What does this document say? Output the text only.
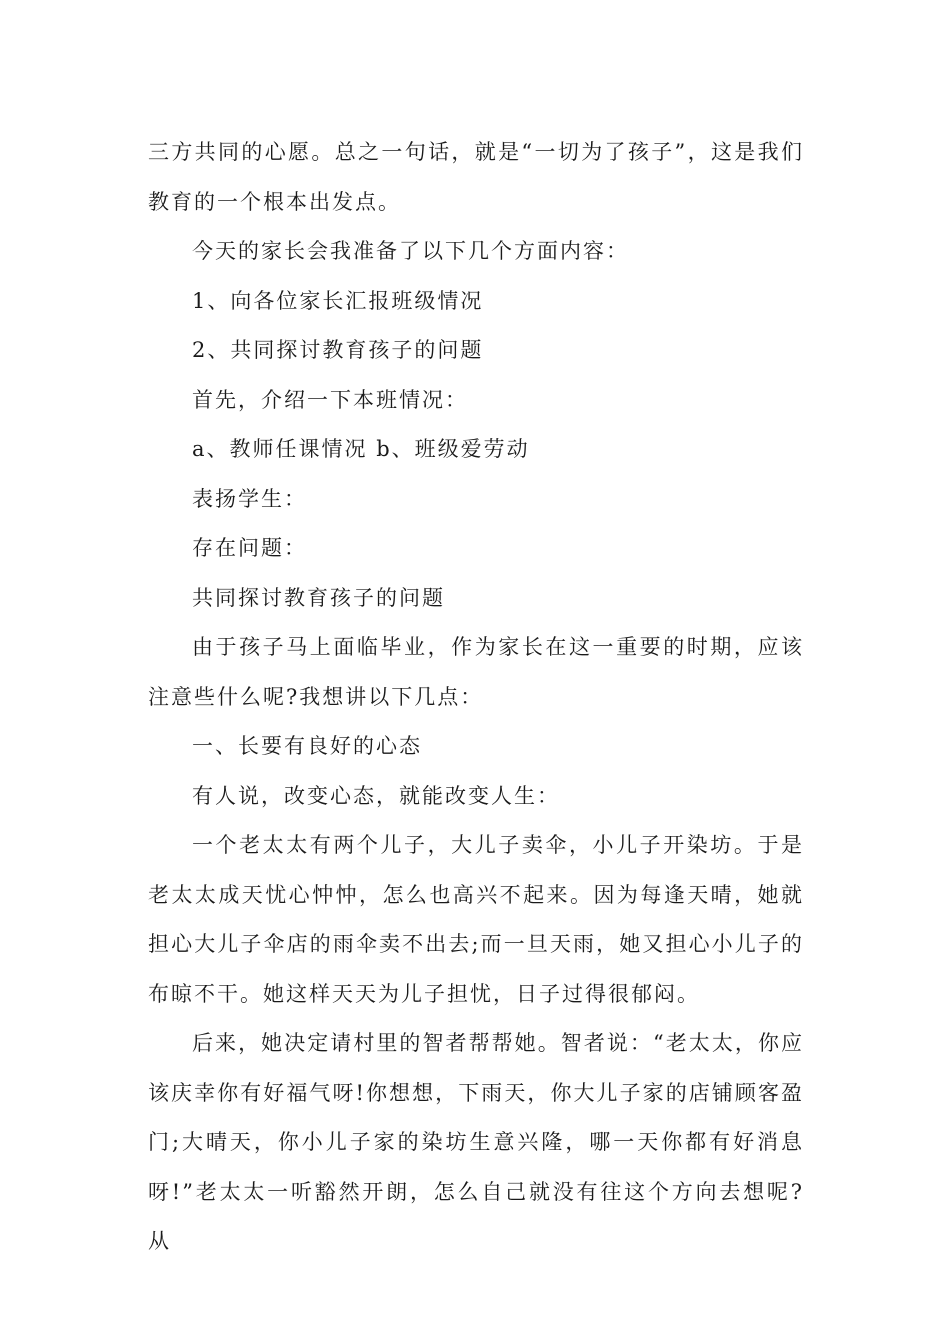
三方共同的心愿。总之一句话，就是“一切为了孩子”，这是我们教育的一个根本出发点。

今天的家长会我准备了以下几个方面内容：

1、向各位家长汇报班级情况

2、共同探讨教育孩子的问题

首先，介绍一下本班情况：

a、教师任课情况 b、班级爱劳动

表扬学生：

存在问题：

共同探讨教育孩子的问题

由于孩子马上面临毕业，作为家长在这一重要的时期，应该注意些什么呢?我想讲以下几点：

一、长要有良好的心态

有人说，改变心态，就能改变人生：

一个老太太有两个儿子，大儿子卖伞，小儿子开染坊。于是老太太成天忧心忡忡，怎么也高兴不起来。因为每逢天晴，她就担心大儿子伞店的雨伞卖不出去;而一旦天雨，她又担心小儿子的布晾不干。她这样天天为儿子担忧，日子过得很郁闷。

后来，她决定请村里的智者帮帮她。智者说：“老太太，你应该庆幸你有好福气呀!你想想，下雨天，你大儿子家的店铺顾客盈门;大晴天，你小儿子家的染坊生意兴隆，哪一天你都有好消息呀!”老太太一听豁然开朗，怎么自己就没有往这个方向去想呢?从
